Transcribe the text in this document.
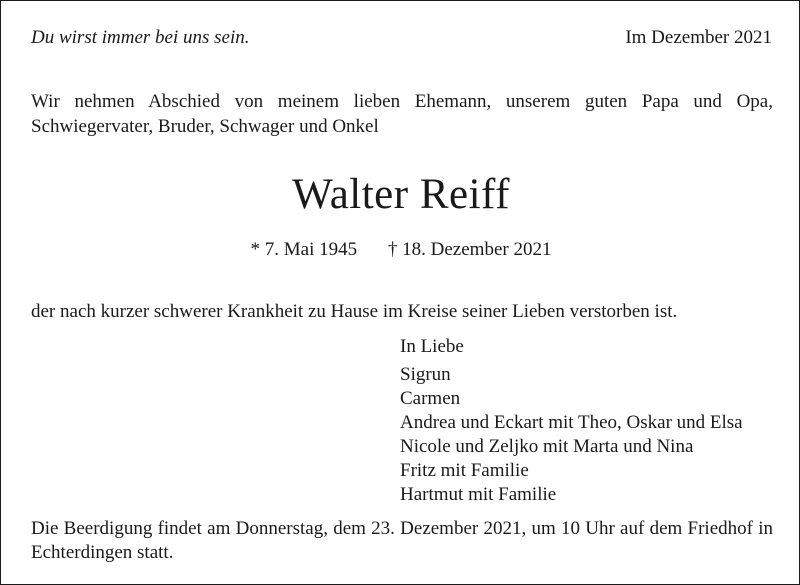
Du wirst immer bei uns sein.	Im Dezember 2021
Wir nehmen Abschied von meinem lieben Ehemann, unserem guten Papa und Opa, Schwiegervater, Bruder, Schwager und Onkel
Walter Reiff
* 7. Mai 1945 † 18. Dezember 2021
der nach kurzer schwerer Krankheit zu Hause im Kreise seiner Lieben verstorben ist.
In Liebe
Sigrun
Carmen
Andrea und Eckart mit Theo, Oskar und Elsa
Nicole und Zeljko mit Marta und Nina
Fritz mit Familie
Hartmut mit Familie
Die Beerdigung findet am Donnerstag, dem 23. Dezember 2021, um 10 Uhr auf dem Friedhof in Echterdingen statt.
